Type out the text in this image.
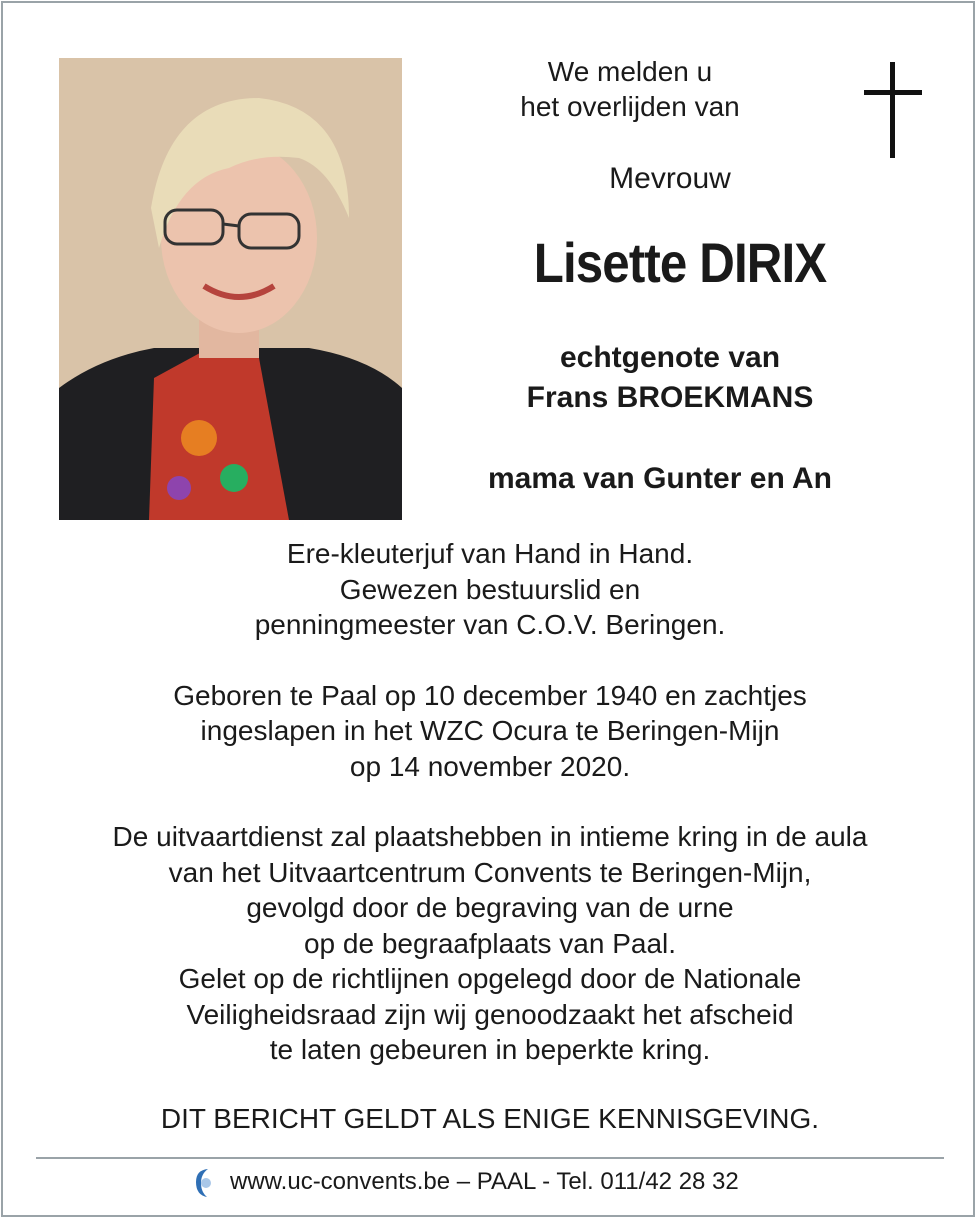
We melden u
het overlijden van
Mevrouw
Lisette DIRIX
echtgenote van
Frans BROEKMANS
mama van Gunter en An

Ere-kleuterjuf van Hand in Hand.
Gewezen bestuurslid en
penningmeester van C.O.V. Beringen.

Geboren te Paal op 10 december 1940 en zachtjes
ingeslapen in het WZC Ocura te Beringen-Mijn
op 14 november 2020.

De uitvaartdienst zal plaatshebben in intieme kring in de aula
van het Uitvaartcentrum Convents te Beringen-Mijn,
gevolgd door de begraving van de urne
op de begraafplaats van Paal.
Gelet op de richtlijnen opgelegd door de Nationale
Veiligheidsraad zijn wij genoodzaakt het afscheid
te laten gebeuren in beperkte kring.

DIT BERICHT GELDT ALS ENIGE KENNISGEVING.
www.uc-convents.be – PAAL - Tel. 011/42 28 32
